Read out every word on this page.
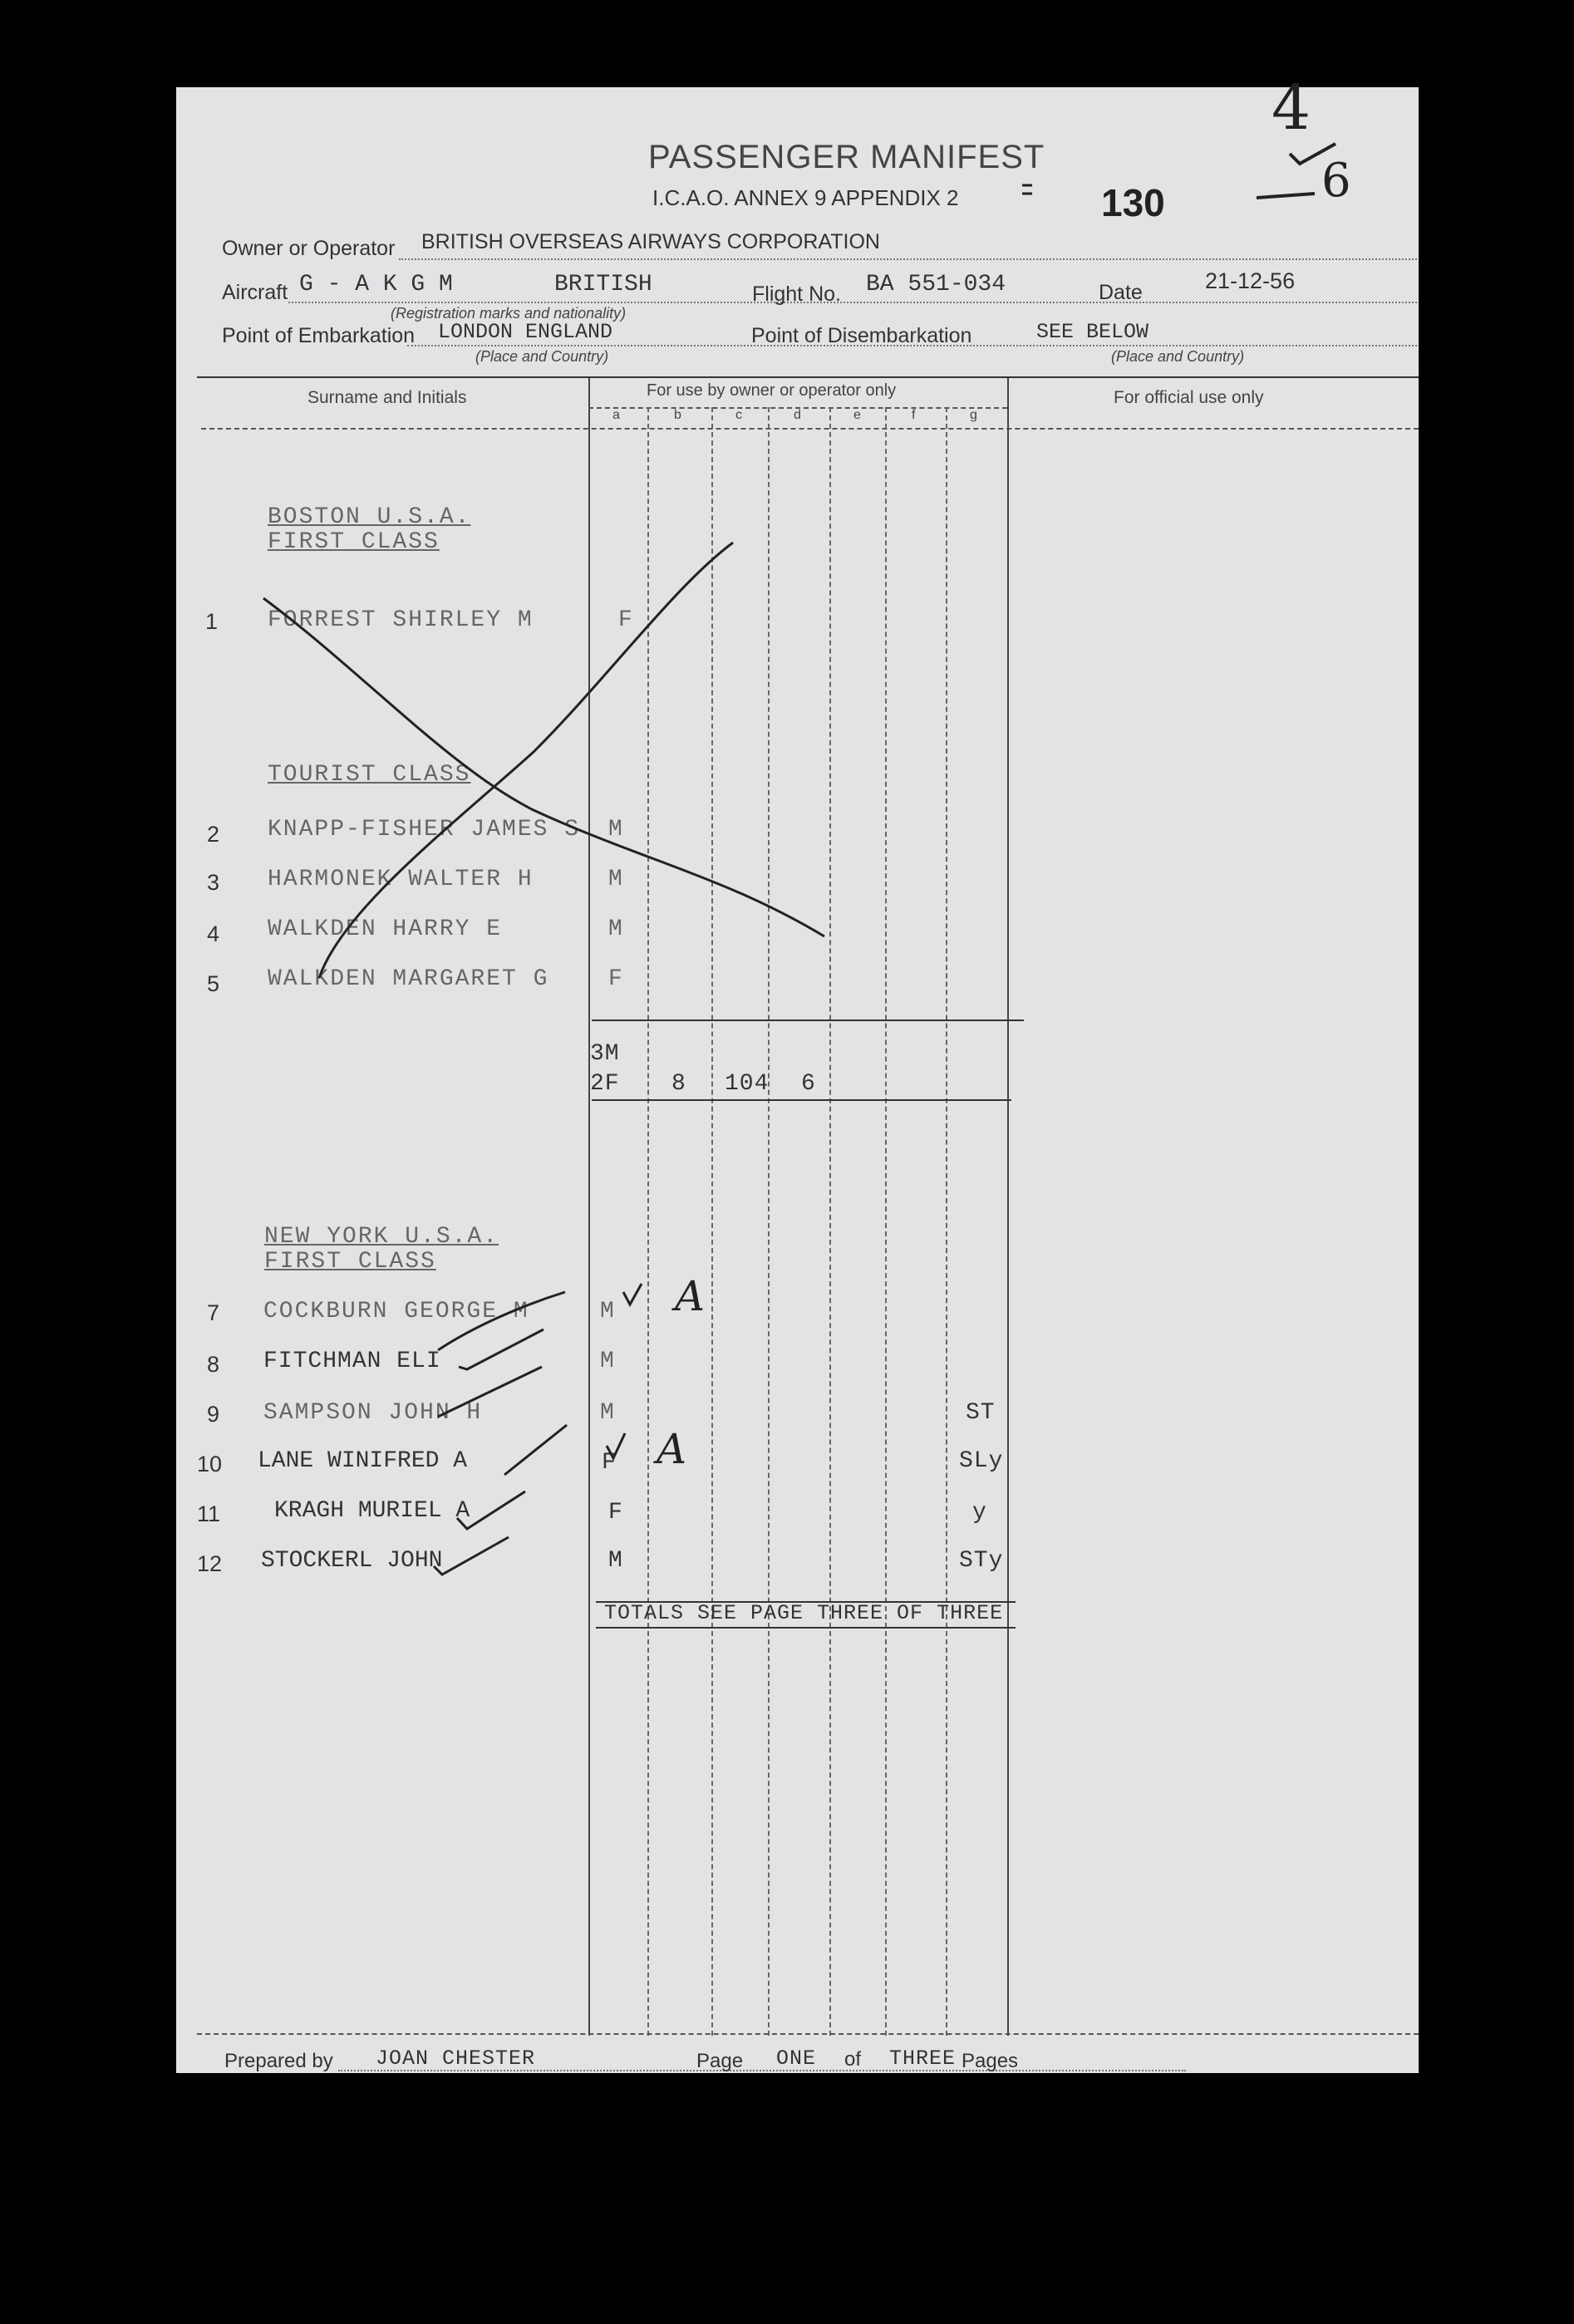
PASSENGER MANIFEST
I.C.A.O. ANNEX 9 APPENDIX 2	130
4
6
Owner or Operator BRITISH OVERSEAS AIRWAYS CORPORATION
Aircraft G - A K G M	BRITISH
(Registration marks and nationality)
Flight No. BA 551-034	Date	21-12-56
Point of Embarkation LONDON ENGLAND
(Place and Country)
Point of Disembarkation	SEE BELOW
(Place and Country)
Surname and Initials	For use by owner or operator only	For official use only
a	b	c	d	e	f	g
BOSTON U.S.A.
FIRST CLASS
1 FORREST SHIRLEY M	F
TOURIST CLASS
2 KNAPP-FISHER JAMES S M
3 HARMONEK WALTER H	M
4 WALKDEN HARRY E	M
5 WALKDEN MARGARET G	F
3M
2F 8 104 6
NEW YORK U.S.A.
FIRST CLASS
7 COCKBURN GEORGE M	M A
8 FITCHMAN ELI	M
9 SAMPSON JOHN H	M	ST
10 LANE WINIFRED A	F A	SLy
11 KRAGH MURIEL A	F	y
12 STOCKERL JOHN	M	STy
TOTALS SEE PAGE THREE OF THREE
Prepared by JOAN CHESTER	Page ONE of THREE Pages
